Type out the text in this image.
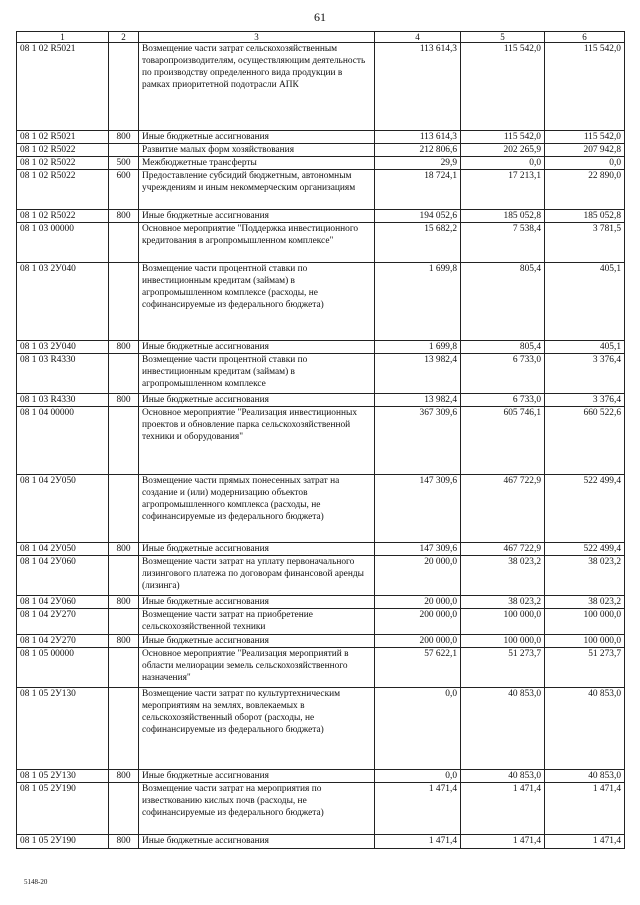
61
1	2	3	4	5	6
08 1 02 R5021		Возмещение части затрат сельскохозяйственным товаропроизводителям, осуществляющим деятельность по производству определенного вида продукции в рамках приоритетной подотрасли АПК	113 614,3	115 542,0	115 542,0
08 1 02 R5021	800	Иные бюджетные ассигнования	113 614,3	115 542,0	115 542,0
08 1 02 R5022		Развитие малых форм хозяйствования	212 806,6	202 265,9	207 942,8
08 1 02 R5022	500	Межбюджетные трансферты	29,9	0,0	0,0
08 1 02 R5022	600	Предоставление субсидий бюджетным, автономным учреждениям и иным некоммерческим организациям	18 724,1	17 213,1	22 890,0
08 1 02 R5022	800	Иные бюджетные ассигнования	194 052,6	185 052,8	185 052,8
08 1 03 00000		Основное мероприятие "Поддержка инвестиционного кредитования в агропромышленном комплексе"	15 682,2	7 538,4	3 781,5
08 1 03 2У040		Возмещение части процентной ставки по инвестиционным кредитам (займам) в агропромышленном комплексе (расходы, не софинансируемые из федерального бюджета)	1 699,8	805,4	405,1
08 1 03 2У040	800	Иные бюджетные ассигнования	1 699,8	805,4	405,1
08 1 03 R4330		Возмещение части процентной ставки по инвестиционным кредитам (займам) в агропромышленном комплексе	13 982,4	6 733,0	3 376,4
08 1 03 R4330	800	Иные бюджетные ассигнования	13 982,4	6 733,0	3 376,4
08 1 04 00000		Основное мероприятие "Реализация инвестиционных проектов и обновление парка сельскохозяйственной техники и оборудования"	367 309,6	605 746,1	660 522,6
08 1 04 2У050		Возмещение части прямых понесенных затрат на создание и (или) модернизацию объектов агропромышленного комплекса (расходы, не софинансируемые из федерального бюджета)	147 309,6	467 722,9	522 499,4
08 1 04 2У050	800	Иные бюджетные ассигнования	147 309,6	467 722,9	522 499,4
08 1 04 2У060		Возмещение части затрат на уплату первоначального лизингового платежа по договорам финансовой аренды (лизинга)	20 000,0	38 023,2	38 023,2
08 1 04 2У060	800	Иные бюджетные ассигнования	20 000,0	38 023,2	38 023,2
08 1 04 2У270		Возмещение части затрат на приобретение сельскохозяйственной техники	200 000,0	100 000,0	100 000,0
08 1 04 2У270	800	Иные бюджетные ассигнования	200 000,0	100 000,0	100 000,0
08 1 05 00000		Основное мероприятие "Реализация мероприятий в области мелиорации земель сельскохозяйственного назначения"	57 622,1	51 273,7	51 273,7
08 1 05 2У130		Возмещение части затрат по культуртехническим мероприятиям на землях, вовлекаемых в сельскохозяйственный оборот (расходы, не софинансируемые из федерального бюджета)	0,0	40 853,0	40 853,0
08 1 05 2У130	800	Иные бюджетные ассигнования	0,0	40 853,0	40 853,0
08 1 05 2У190		Возмещение части затрат на мероприятия по известкованию кислых почв (расходы, не софинансируемые из федерального бюджета)	1 471,4	1 471,4	1 471,4
08 1 05 2У190	800	Иные бюджетные ассигнования	1 471,4	1 471,4	1 471,4
5148-20
